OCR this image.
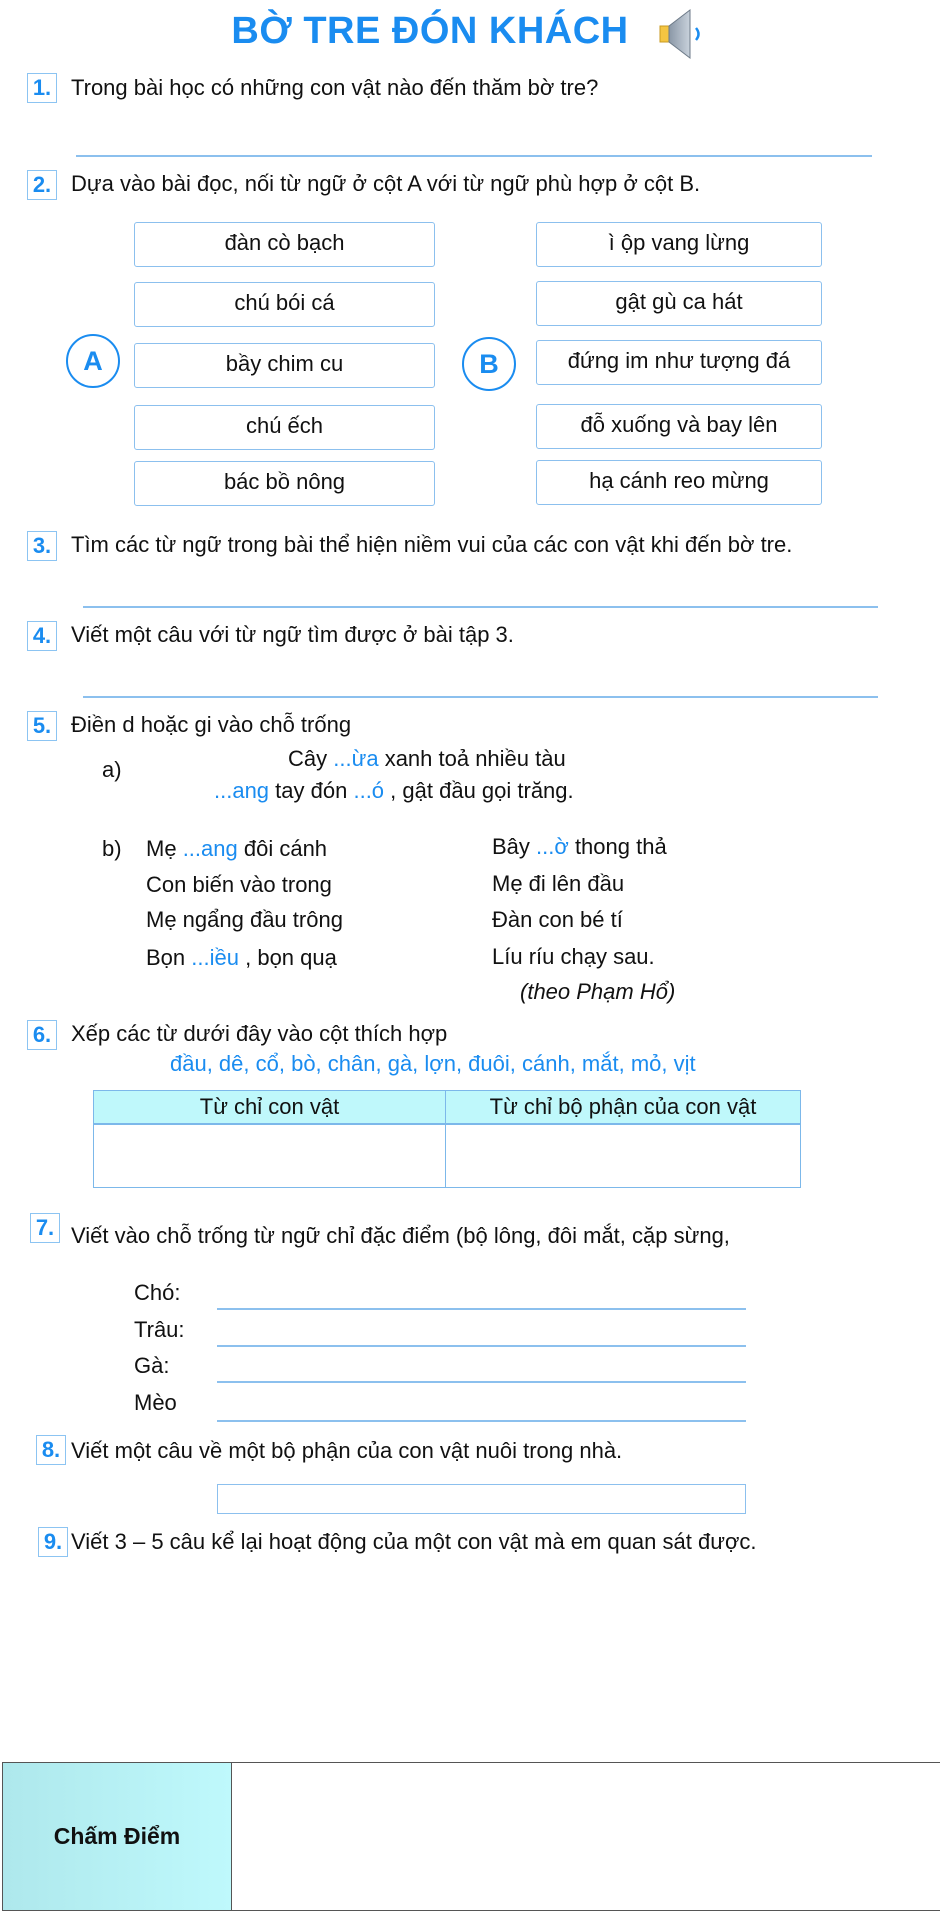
BỜ TRE ĐÓN KHÁCH
1. Trong bài học có những con vật nào đến thăm bờ tre?
2. Dựa vào bài đọc, nối từ ngữ ở cột A với từ ngữ phù hợp ở cột B.
A	B
đàn cò bạch
chú bói cá
bầy chim cu
chú ếch
bác bồ nông
ì ộp vang lừng
gật gù ca hát
đứng im như tượng đá
đỗ xuống và bay lên
hạ cánh reo mừng
3. Tìm các từ ngữ trong bài thể hiện niềm vui của các con vật khi đến bờ tre.
4. Viết một câu với từ ngữ tìm được ở bài tập 3.
5. Điền d hoặc gi vào chỗ trống
a)	Cây ...ừa xanh toả nhiều tàu
...ang tay đón ...ó , gật đầu gọi trăng.
b) Mẹ ...ang đôi cánh
Con biến vào trong
Mẹ ngẩng đầu trông
Bọn ...iều , bọn quạ
Bây ...ờ thong thả
Mẹ đi lên đầu
Đàn con bé tí
Líu ríu chạy sau.
(theo Phạm Hổ)
6. Xếp các từ dưới đây vào cột thích hợp
đầu, dê, cổ, bò, chân, gà, lợn, đuôi, cánh, mắt, mỏ, vịt
Từ chỉ con vật	Từ chỉ bộ phận của con vật

7. Viết vào chỗ trống từ ngữ chỉ đặc điểm (bộ lông, đôi mắt, cặp sừng,
Chó:
Trâu:
Gà:
Mèo
8. Viết một câu về một bộ phận của con vật nuôi trong nhà.
9. Viết 3 – 5 câu kể lại hoạt động của một con vật mà em quan sát được.
Chấm Điểm
